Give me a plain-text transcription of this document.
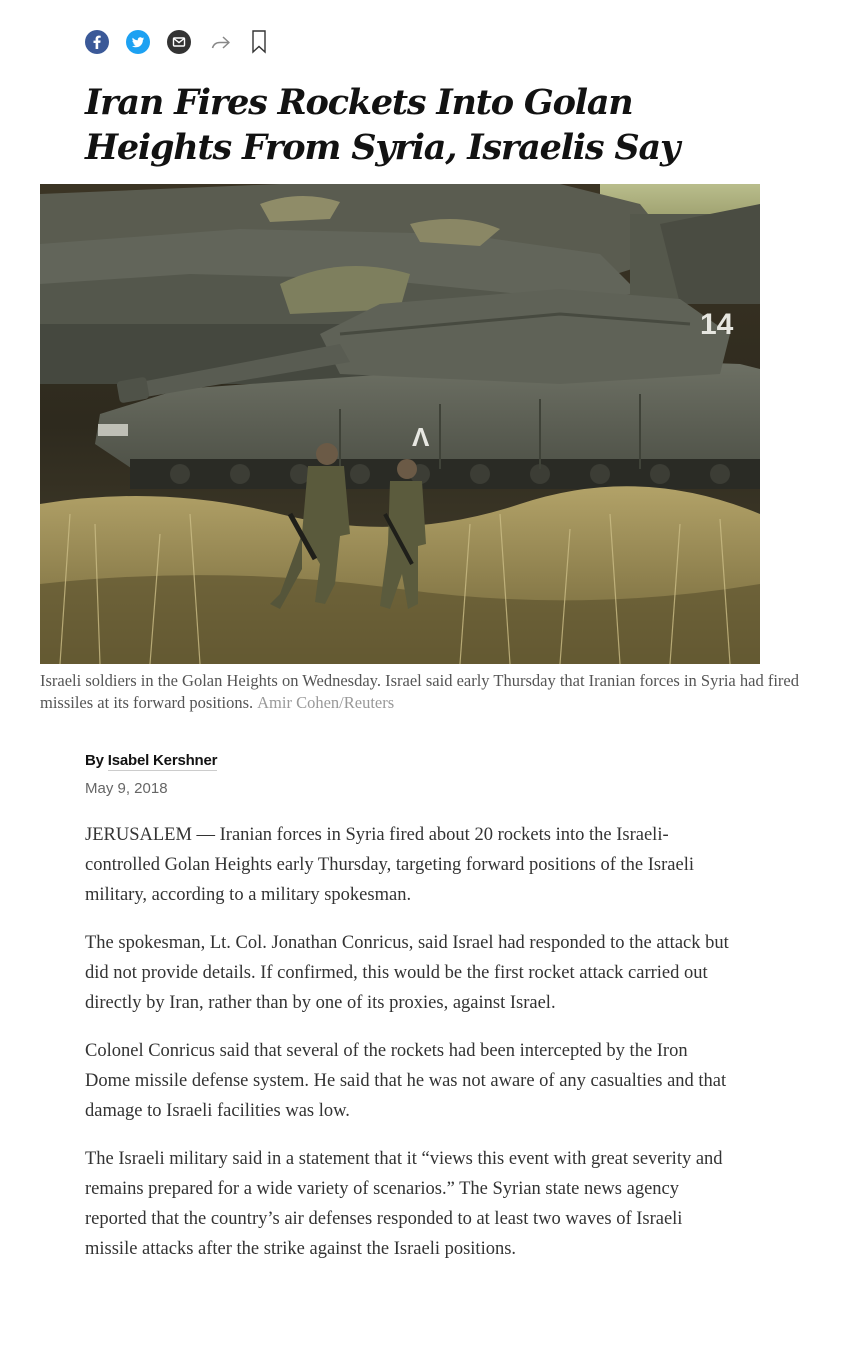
Iran Fires Rockets Into Golan Heights From Syria, Israelis Say
14
Λ
Israeli soldiers in the Golan Heights on Wednesday. Israel said early Thursday that Iranian forces in Syria had fired missiles at its forward positions. Amir Cohen/Reuters
By Isabel Kershner
May 9, 2018

JERUSALEM — Iranian forces in Syria fired about 20 rockets into the Israeli-controlled Golan Heights early Thursday, targeting forward positions of the Israeli military, according to a military spokesman.

The spokesman, Lt. Col. Jonathan Conricus, said Israel had responded to the attack but did not provide details. If confirmed, this would be the first rocket attack carried out directly by Iran, rather than by one of its proxies, against Israel.

Colonel Conricus said that several of the rockets had been intercepted by the Iron Dome missile defense system. He said that he was not aware of any casualties and that damage to Israeli facilities was low.

The Israeli military said in a statement that it “views this event with great severity and remains prepared for a wide variety of scenarios.” The Syrian state news agency reported that the country’s air defenses responded to at least two waves of Israeli missile attacks after the strike against the Israeli positions.
